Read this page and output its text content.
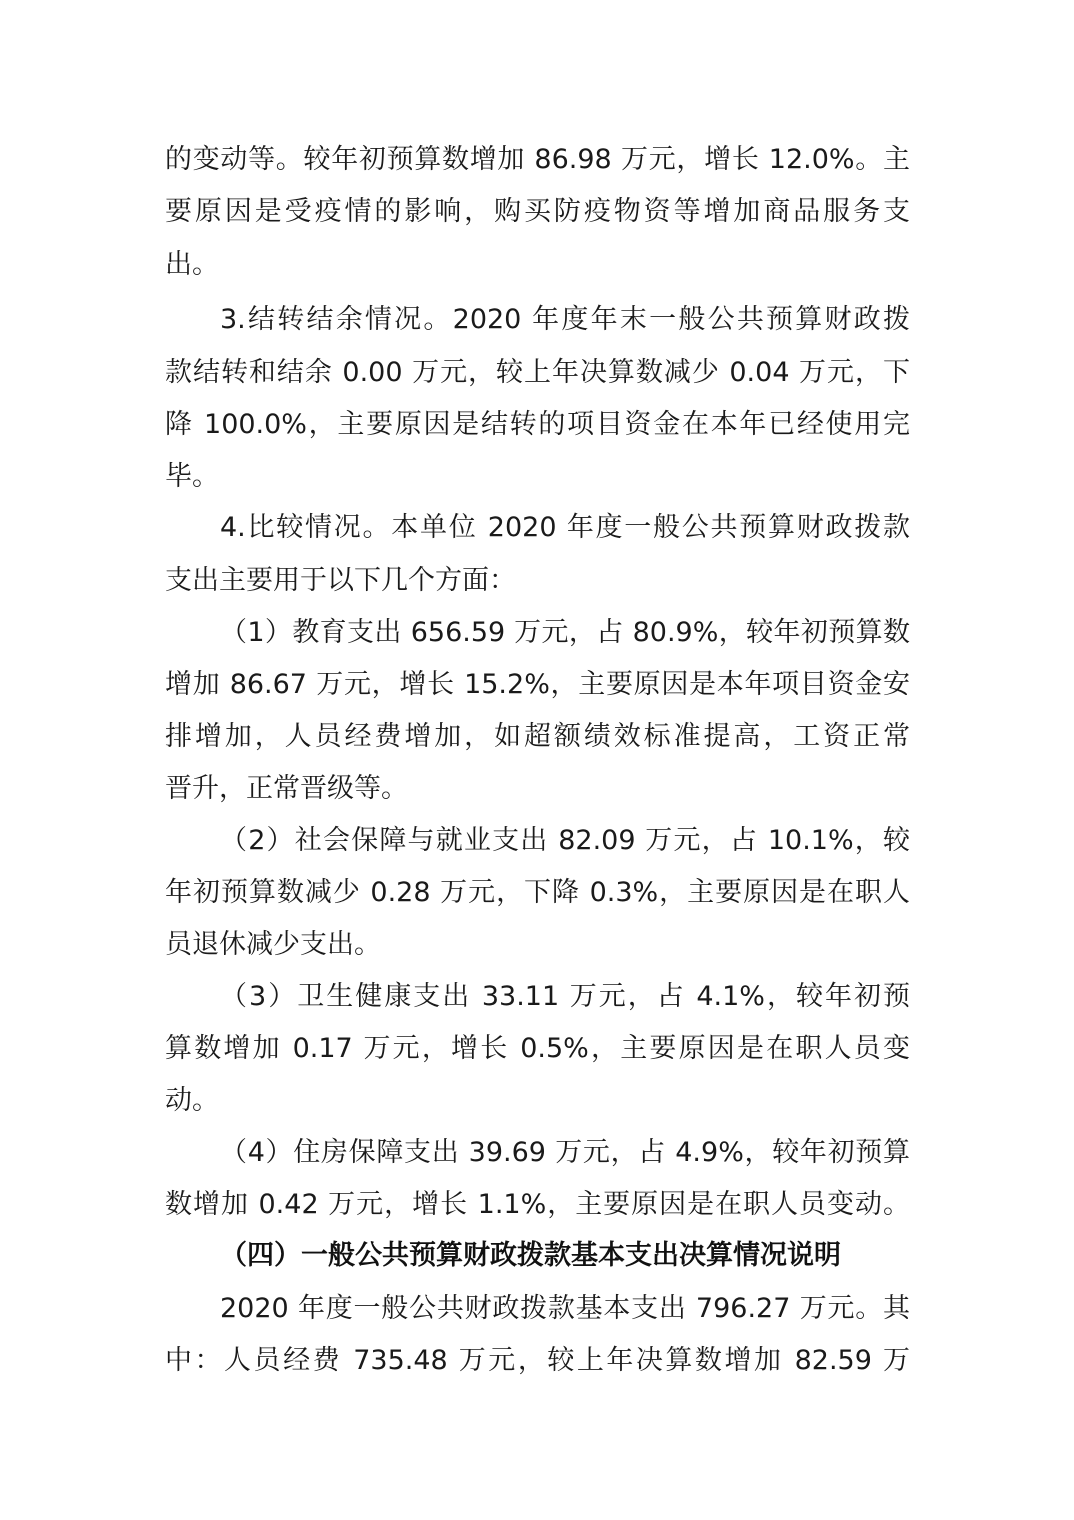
的变动等。较年初预算数增加 86.98 万元，增长 12.0%。主
要原因是受疫情的影响，购买防疫物资等增加商品服务支
出。
3.结转结余情况。2020 年度年末一般公共预算财政拨
款结转和结余 0.00 万元，较上年决算数减少 0.04 万元，下
降 100.0%，主要原因是结转的项目资金在本年已经使用完
毕。
4.比较情况。本单位 2020 年度一般公共预算财政拨款
支出主要用于以下几个方面：
（1）教育支出 656.59 万元，占 80.9%，较年初预算数
增加 86.67 万元，增长 15.2%，主要原因是本年项目资金安
排增加，人员经费增加，如超额绩效标准提高，工资正常
晋升，正常晋级等。
（2）社会保障与就业支出 82.09 万元，占 10.1%，较
年初预算数减少 0.28 万元，下降 0.3%，主要原因是在职人
员退休减少支出。
（3）卫生健康支出 33.11 万元，占 4.1%，较年初预
算数增加 0.17 万元，增长 0.5%，主要原因是在职人员变
动。
（4）住房保障支出 39.69 万元，占 4.9%，较年初预算
数增加 0.42 万元，增长 1.1%，主要原因是在职人员变动。
（四）一般公共预算财政拨款基本支出决算情况说明
2020 年度一般公共财政拨款基本支出 796.27 万元。其
中：人员经费 735.48 万元，较上年决算数增加 82.59 万
